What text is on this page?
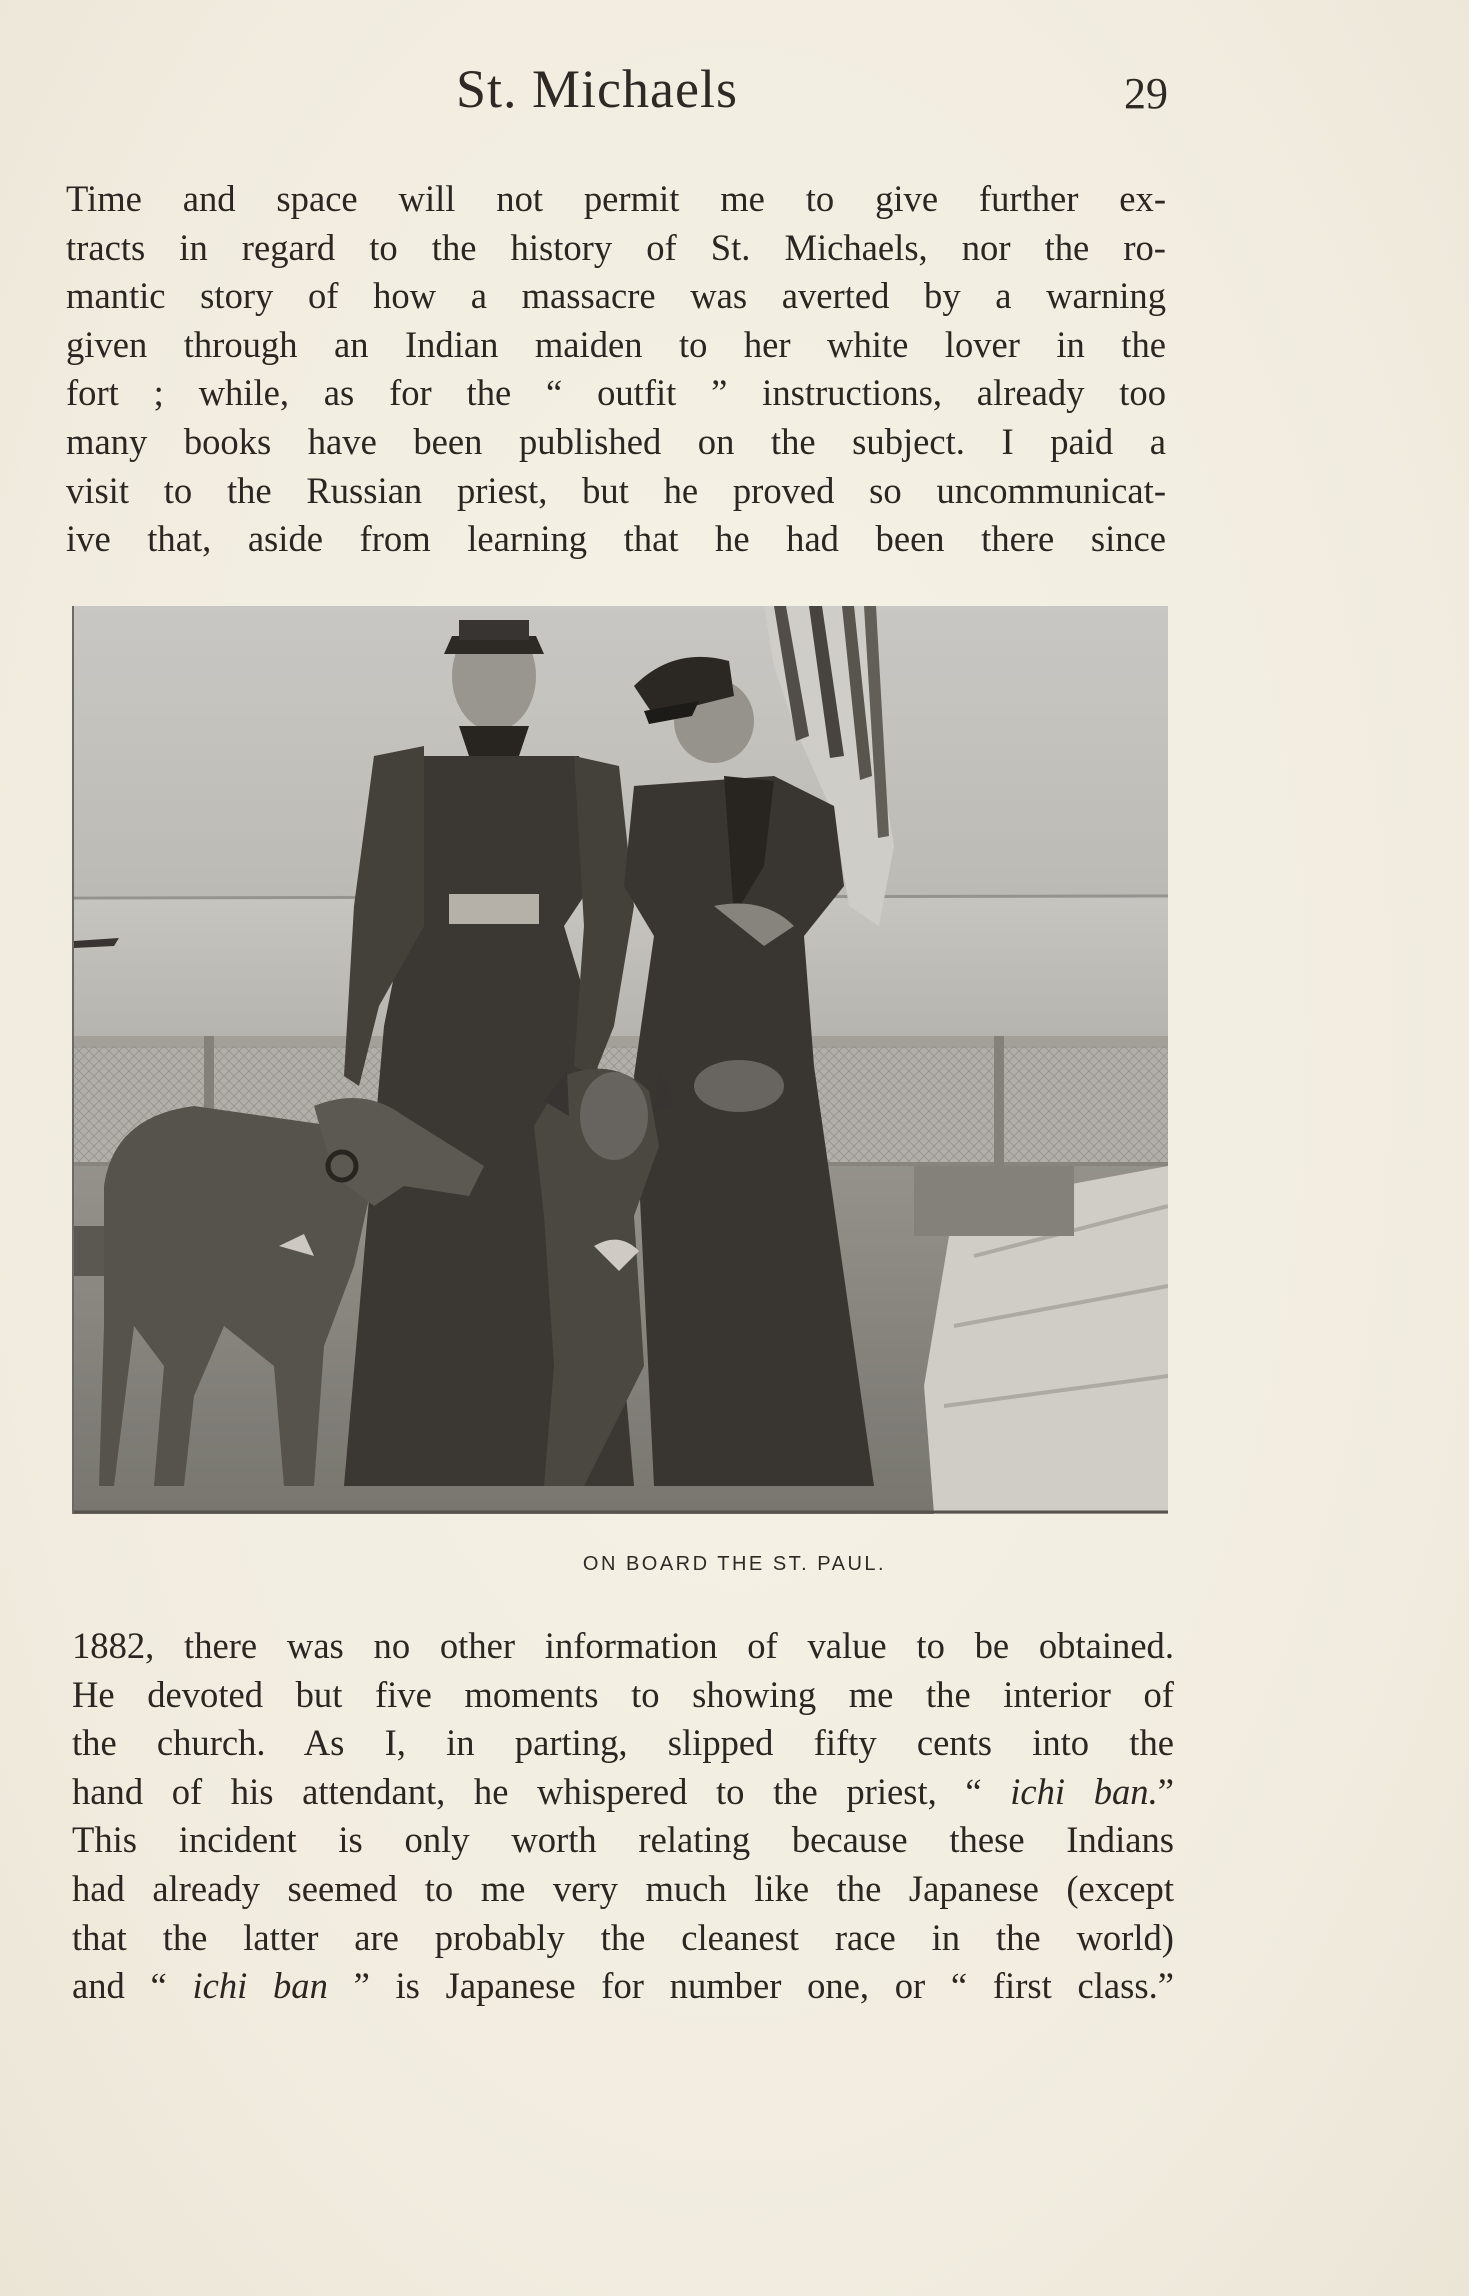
St. Michaels	29
Time and space will not permit me to give further ex-
tracts in regard to the history of St. Michaels, nor the ro-
mantic story of how a massacre was averted by a warning
given through an Indian maiden to her white lover in the
fort ; while, as for the “ outfit ” instructions, already too
many books have been published on the subject. I paid a
visit to the Russian priest, but he proved so uncommunicat-
ive that, aside from learning that he had been there since
ON BOARD THE ST. PAUL.
1882, there was no other information of value to be obtained.
He devoted but five moments to showing me the interior of
the church. As I, in parting, slipped fifty cents into the
hand of his attendant, he whispered to the priest, “ ichi ban.”
This incident is only worth relating because these Indians
had already seemed to me very much like the Japanese (except
that the latter are probably the cleanest race in the world)
and “ ichi ban ” is Japanese for number one, or “ first class.”
